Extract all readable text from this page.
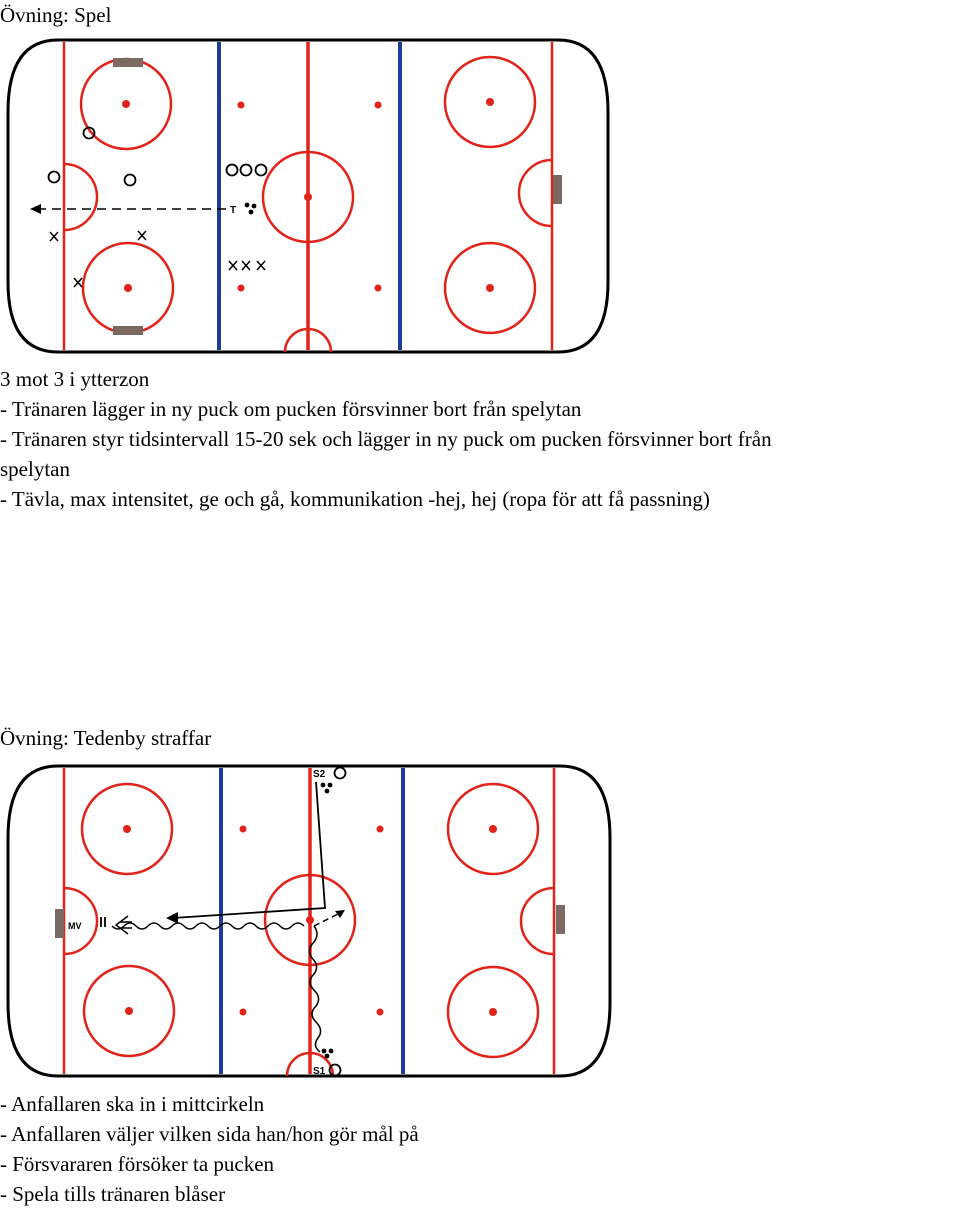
Övning: Spel
T

3 mot 3 i ytterzon

- Tränaren lägger in ny puck om pucken försvinner bort från spelytan

- Tränaren styr tidsintervall 15-20 sek och lägger in ny puck om pucken försvinner bort från

spelytan

- Tävla, max intensitet, ge och gå, kommunikation -hej, hej (ropa för att få passning)

Övning: Tedenby straffar
MV
S2
S1

- Anfallaren ska in i mittcirkeln

- Anfallaren väljer vilken sida han/hon gör mål på

- Försvararen försöker ta pucken

- Spela tills tränaren blåser
